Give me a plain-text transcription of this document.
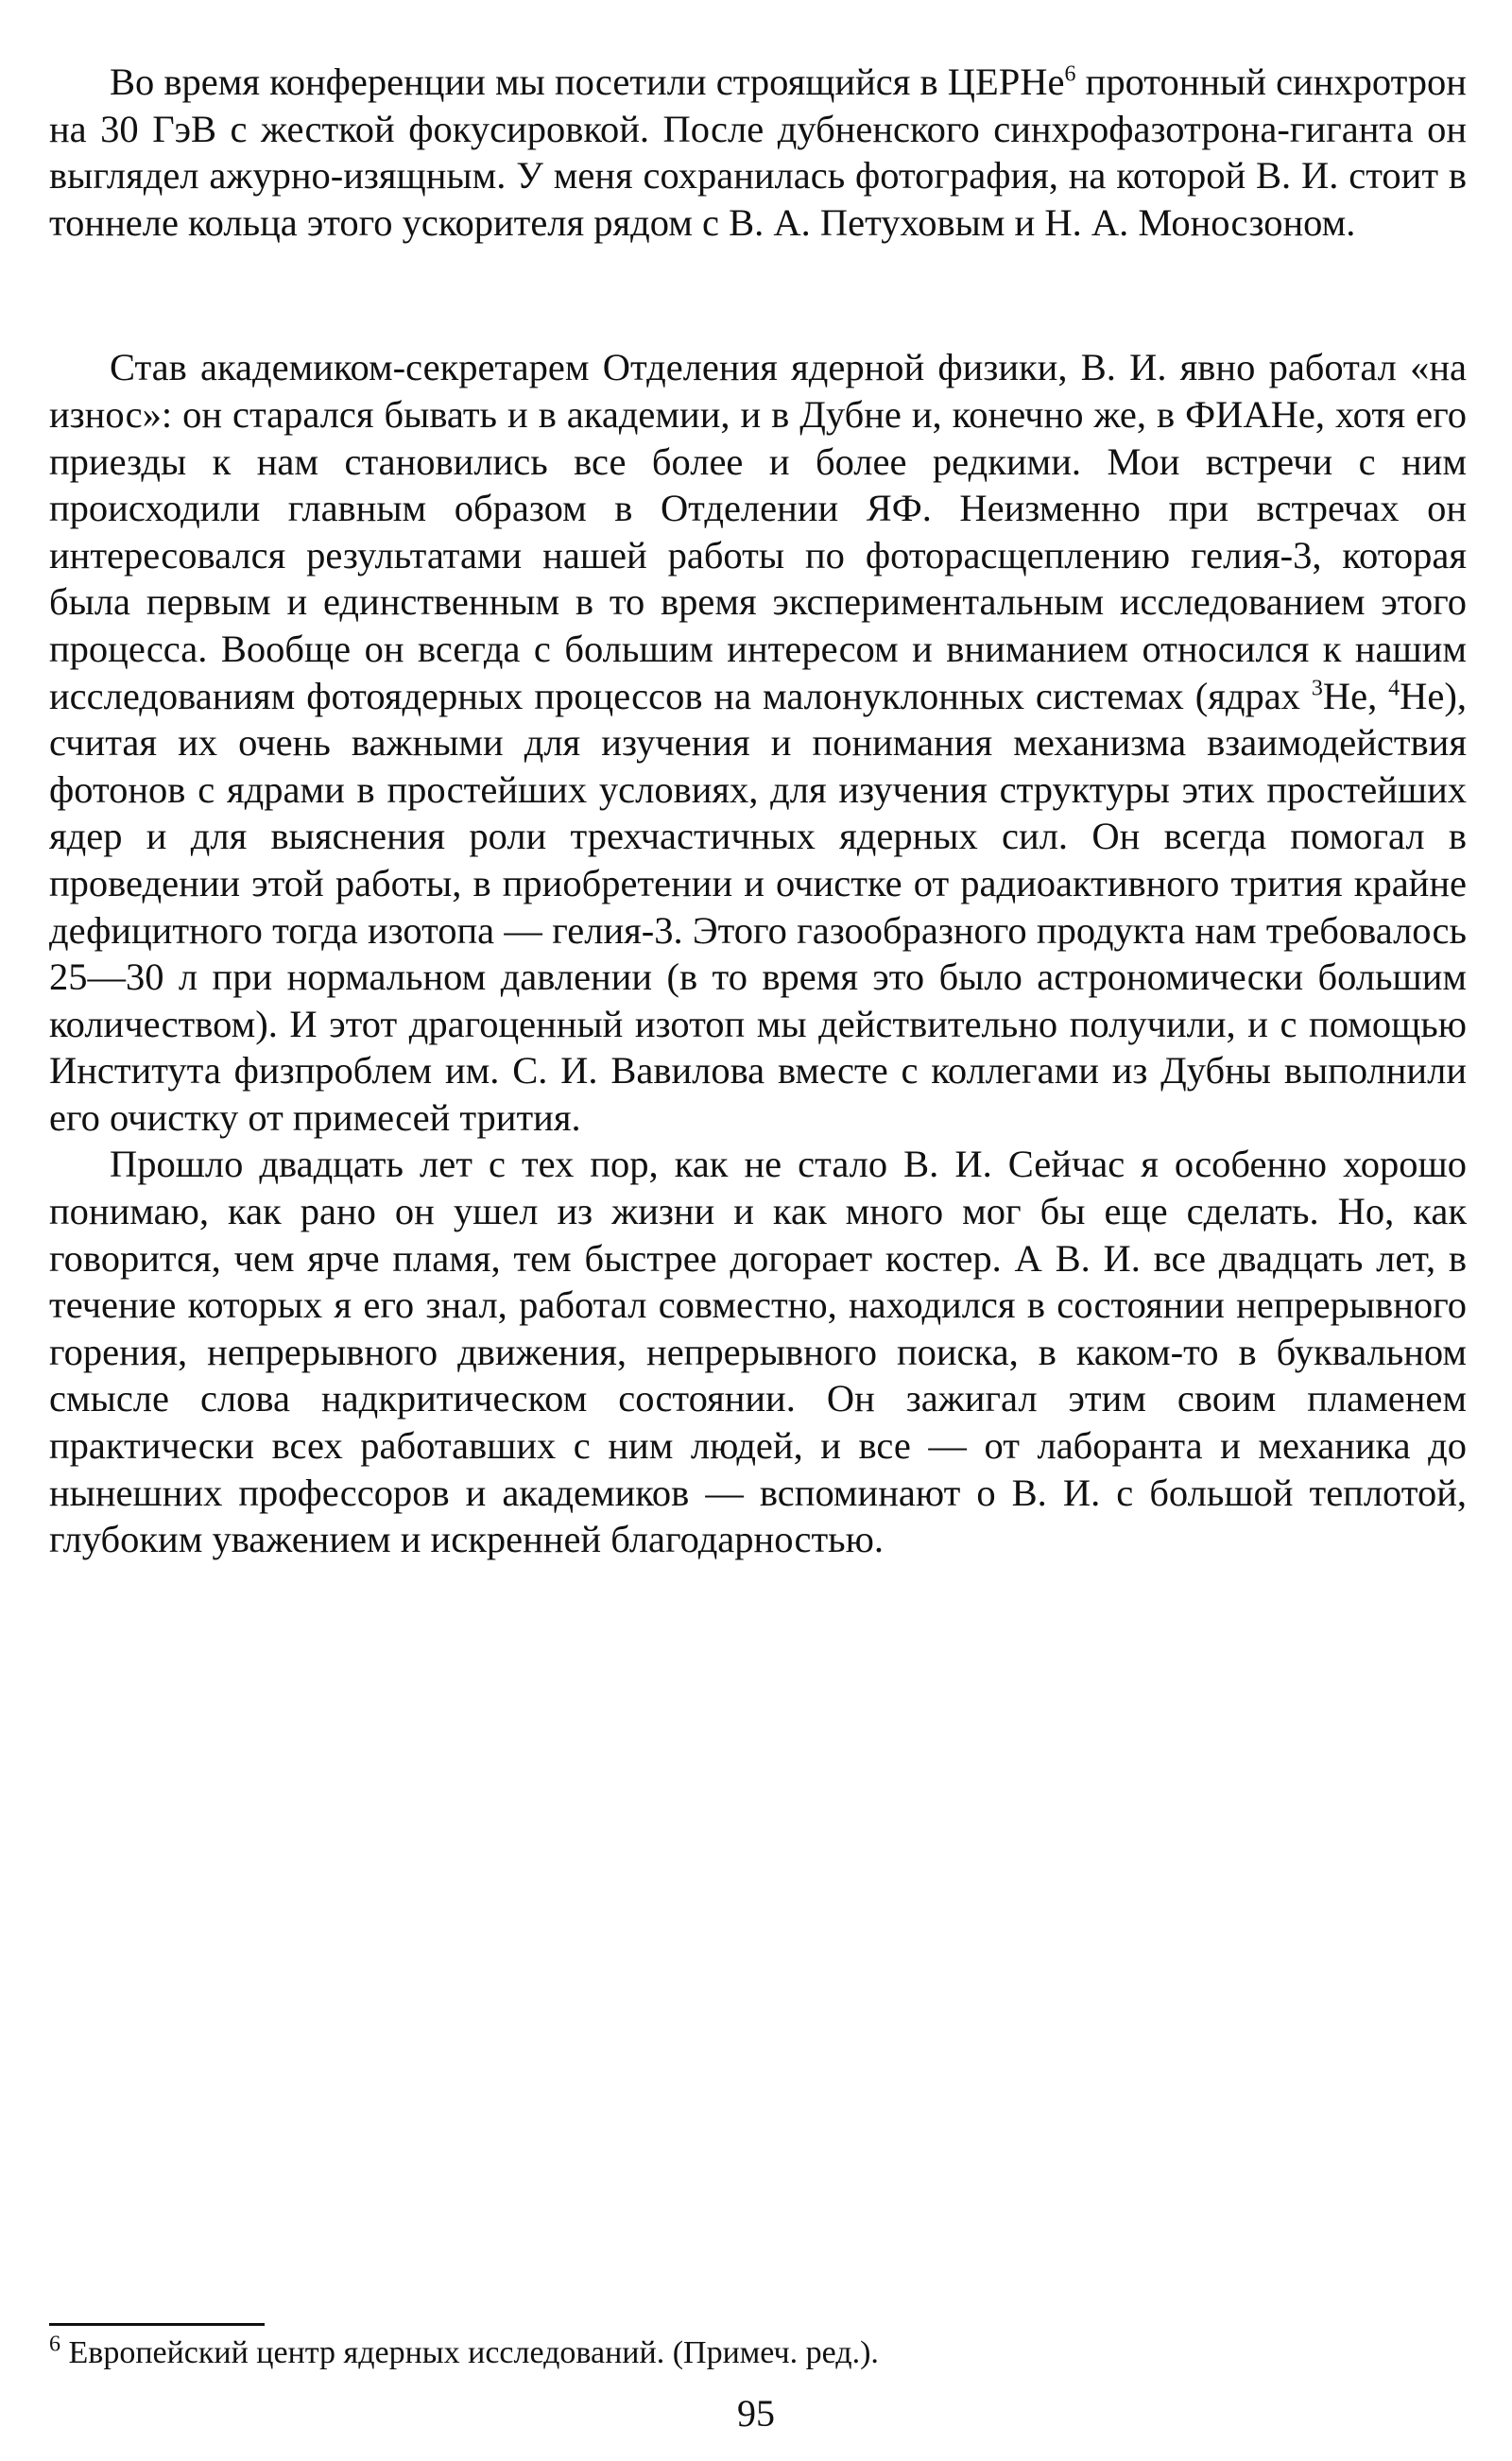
Во время конференции мы посетили строящийся в ЦЕРНе$^6$ протонный синхротрон на 30 ГэВ с жесткой фокусировкой. После дубненского синхрофазотрона-гиганта он выглядел ажурно-изящным. У меня сохранилась фотография, на которой В. И. стоит в тоннеле кольца этого ускорителя рядом с В. А. Петуховым и Н. А. Моносзоном.

Став академиком-секретарем Отделения ядерной физики, В. И. явно работал «на износ»: он старался бывать и в академии, и в Дубне и, конечно же, в ФИАНе, хотя его приезды к нам становились все более и более редкими. Мои встречи с ним происходили главным образом в Отделении ЯФ. Неизменно при встречах он интересовался результатами нашей работы по фоторасщеплению гелия-3, которая была первым и единственным в то время экспериментальным исследованием этого процесса. Вообще он всегда с большим интересом и вниманием относился к нашим исследованиям фотоядерных процессов на малонуклонных системах (ядрах $^3$He, $^4$He), считая их очень важными для изучения и понимания механизма взаимодействия фотонов с ядрами в простейших условиях, для изучения структуры этих простейших ядер и для выяснения роли трехчастичных ядерных сил. Он всегда помогал в проведении этой работы, в приобретении и очистке от радиоактивного трития крайне дефицитного тогда изотопа — гелия-3. Этого газообразного продукта нам требовалось 25—30 л при нормальном давлении (в то время это было астрономически большим количеством). И этот драгоценный изотоп мы действительно получили, и с помощью Института физпроблем им. С. И. Вавилова вместе с коллегами из Дубны выполнили его очистку от примесей трития.

Прошло двадцать лет с тех пор, как не стало В. И. Сейчас я особенно хорошо понимаю, как рано он ушел из жизни и как много мог бы еще сделать. Но, как говорится, чем ярче пламя, тем быстрее догорает костер. А В. И. все двадцать лет, в течение которых я его знал, работал совместно, находился в состоянии непрерывного горения, непрерывного движения, непрерывного поиска, в каком-то в буквальном смысле слова надкритическом состоянии. Он зажигал этим своим пламенем практически всех работавших с ним людей, и все — от лаборанта и механика до нынешних профессоров и академиков — вспоминают о В. И. с большой теплотой, глубоким уважением и искренней благодарностью.

$^6$ Европейский центр ядерных исследований. (Примеч. ред.).

95
